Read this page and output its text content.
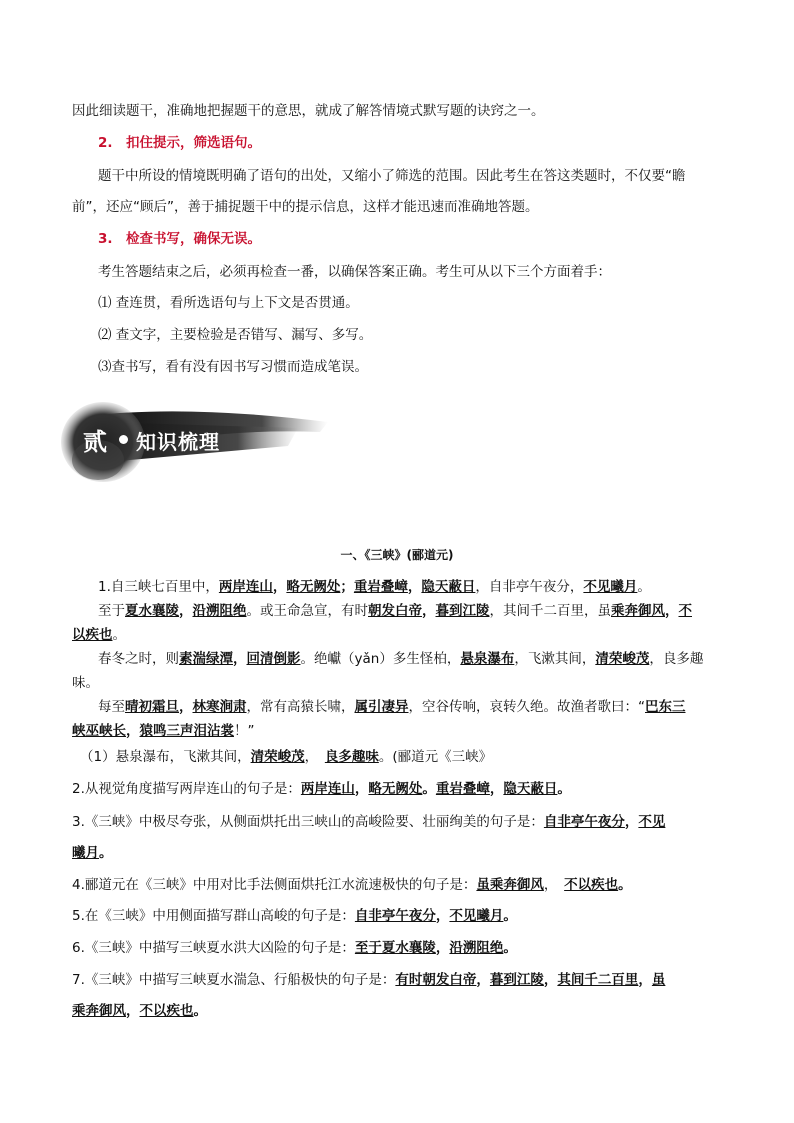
因此细读题干，准确地把握题干的意思，就成了解答情境式默写题的诀窍之一。
2.　扣住提示，筛选语句。
题干中所设的情境既明确了语句的出处，又缩小了筛选的范围。因此考生在答这类题时，不仅要“瞻
前”，还应“顾后”，善于捕捉题干中的提示信息，这样才能迅速而准确地答题。
3.　检查书写，确保无误。
考生答题结束之后，必须再检查一番，以确保答案正确。考生可从以下三个方面着手：
⑴ 查连贯，看所选语句与上下文是否贯通。
⑵ 查文字，主要检验是否错写、漏写、多写。
⑶查书写，看有没有因书写习惯而造成笔误。
贰 知识梳理
一、《三峡》(郦道元)
1.自三峡七百里中，两岸连山，略无阙处；重岩叠嶂，隐天蔽日，自非亭午夜分，不见曦月。
至于夏水襄陵，沿溯阻绝。或王命急宣，有时朝发白帝，暮到江陵，其间千二百里，虽乘奔御风，不
以疾也。
春冬之时，则素湍绿潭，回清倒影。绝巘（yǎn）多生怪柏，悬泉瀑布，飞漱其间，清荣峻茂，良多趣
味。
每至晴初霜旦，林寒涧肃，常有高猿长啸，属引凄异，空谷传响，哀转久绝。故渔者歌曰：“巴东三
峡巫峡长，猿鸣三声泪沾裳！”
（1）悬泉瀑布，飞漱其间，清荣峻茂，　良多趣味。(郦道元《三峡》
2.从视觉角度描写两岸连山的句子是：两岸连山，略无阙处。重岩叠嶂，隐天蔽日。
3.《三峡》中极尽夸张，从侧面烘托出三峡山的高峻险要、壮丽绚美的句子是：自非亭午夜分，不见
曦月。
4.郦道元在《三峡》中用对比手法侧面烘托江水流速极快的句子是：虽乘奔御风，　不以疾也。
5.在《三峡》中用侧面描写群山高峻的句子是：自非亭午夜分，不见曦月。
6.《三峡》中描写三峡夏水洪大凶险的句子是：至于夏水襄陵，沿溯阻绝。
7.《三峡》中描写三峡夏水湍急、行船极快的句子是：有时朝发白帝，暮到江陵，其间千二百里，虽
乘奔御风，不以疾也。
